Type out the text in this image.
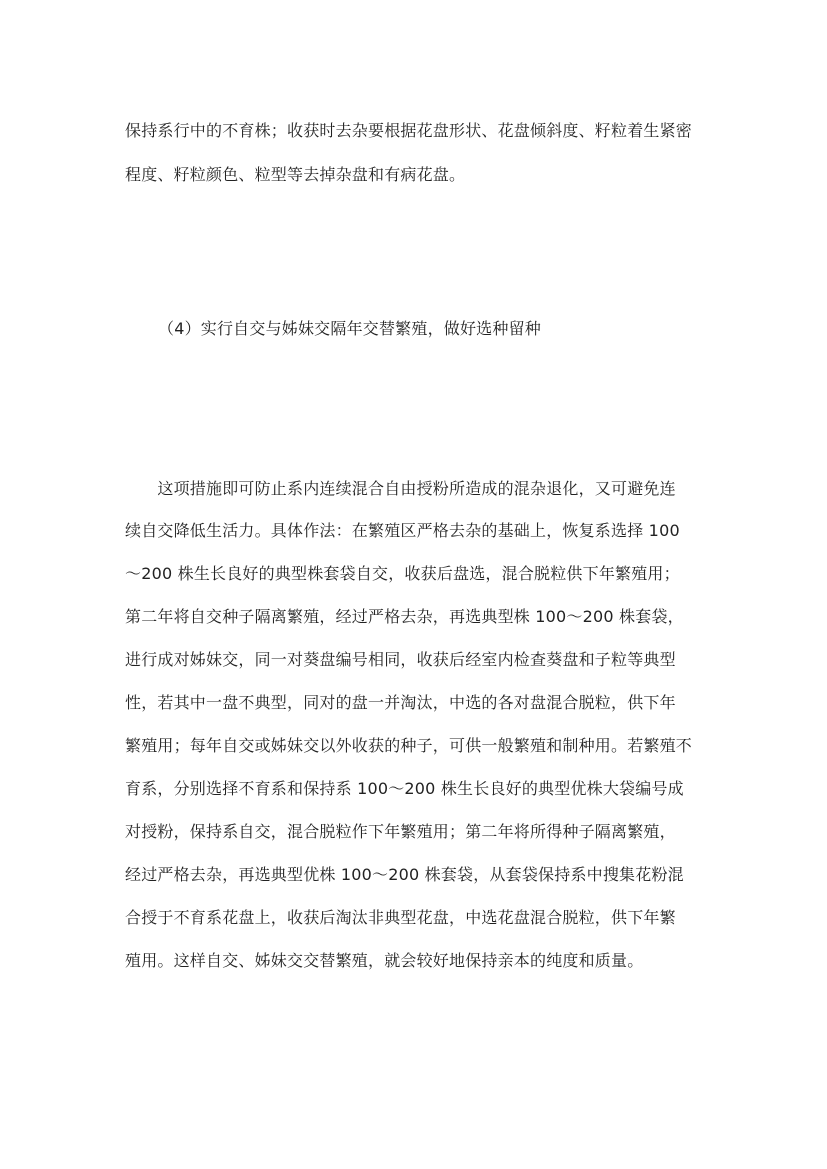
保持系行中的不育株；收获时去杂要根据花盘形状、花盘倾斜度、籽粒着生紧密
程度、籽粒颜色、粒型等去掉杂盘和有病花盘。
（4）实行自交与姊妹交隔年交替繁殖，做好选种留种
　　这项措施即可防止系内连续混合自由授粉所造成的混杂退化，又可避免连
续自交降低生活力。具体作法：在繁殖区严格去杂的基础上，恢复系选择 100
～200 株生长良好的典型株套袋自交，收获后盘选，混合脱粒供下年繁殖用；
第二年将自交种子隔离繁殖，经过严格去杂，再选典型株 100～200 株套袋，
进行成对姊妹交，同一对葵盘编号相同，收获后经室内检查葵盘和子粒等典型
性，若其中一盘不典型，同对的盘一并淘汰，中选的各对盘混合脱粒，供下年
繁殖用；每年自交或姊妹交以外收获的种子，可供一般繁殖和制种用。若繁殖不
育系，分别选择不育系和保持系 100～200 株生长良好的典型优株大袋编号成
对授粉，保持系自交，混合脱粒作下年繁殖用；第二年将所得种子隔离繁殖，
经过严格去杂，再选典型优株 100～200 株套袋，从套袋保持系中搜集花粉混
合授于不育系花盘上，收获后淘汰非典型花盘，中选花盘混合脱粒，供下年繁
殖用。这样自交、姊妹交交替繁殖，就会较好地保持亲本的纯度和质量。
